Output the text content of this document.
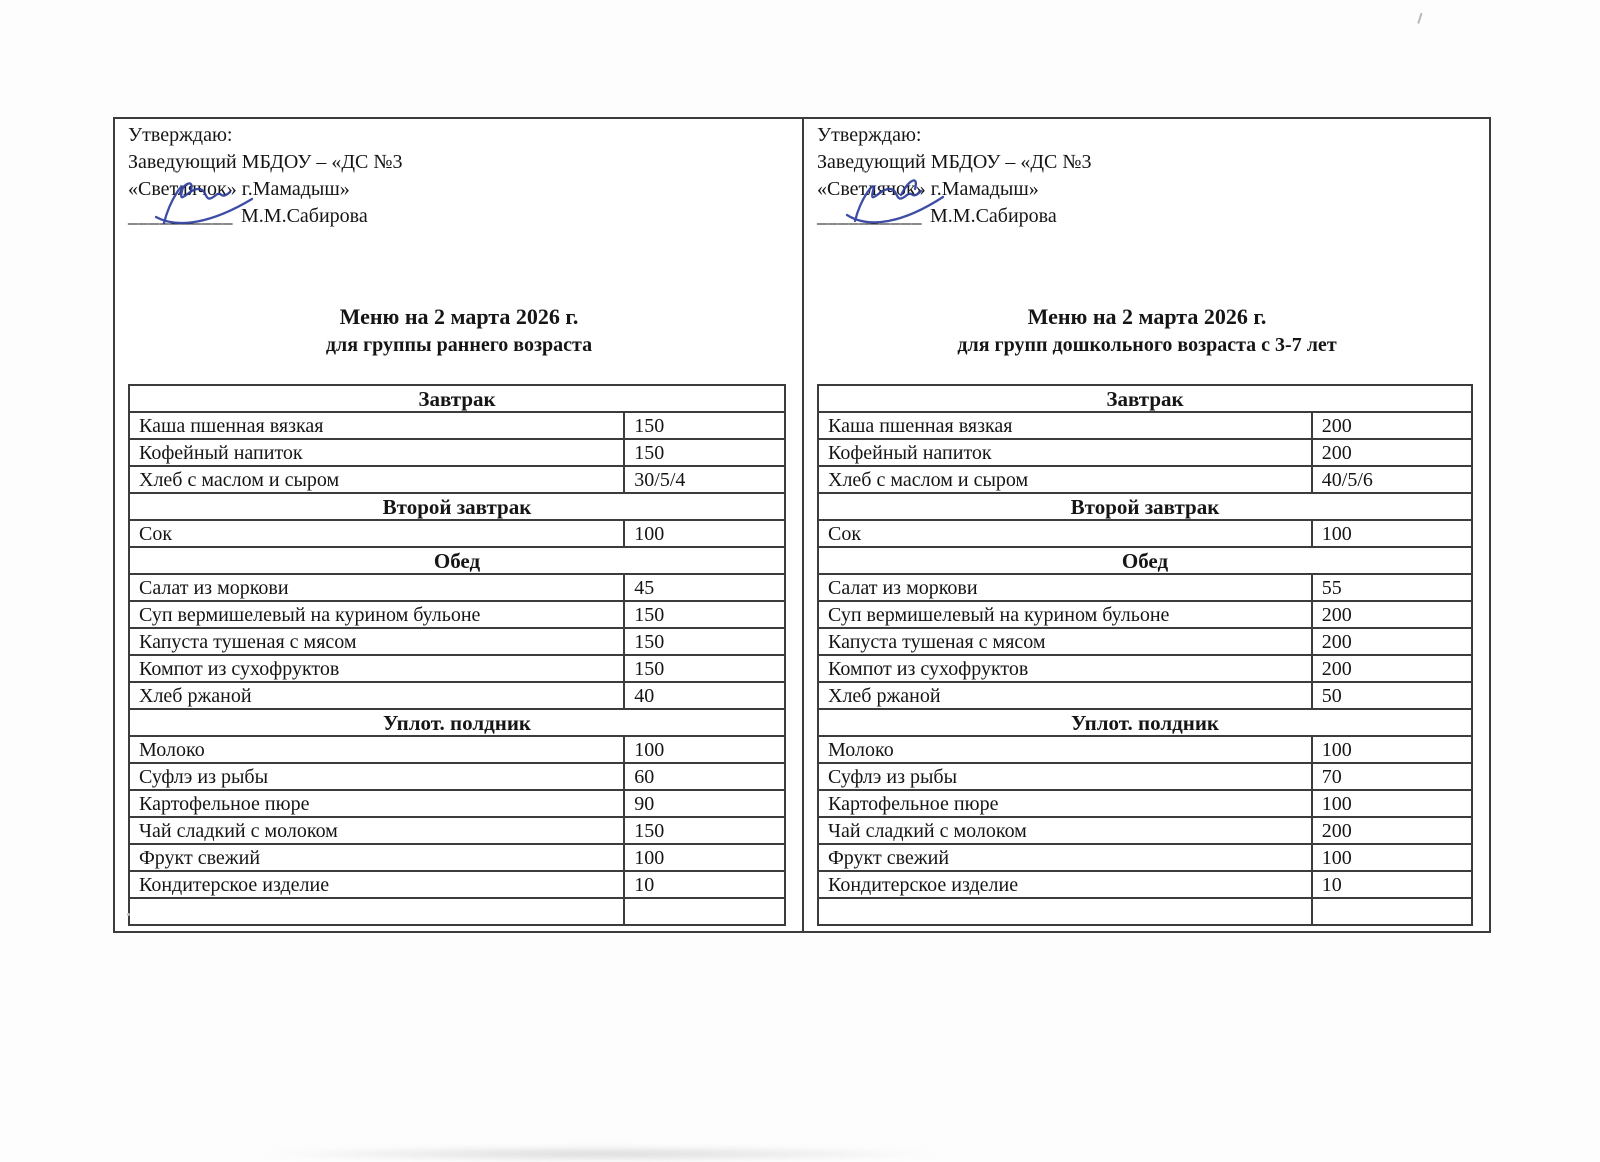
Утверждаю:
Заведующий МБДОУ – «ДС №3
«Светлячок» г.Мамадыш»
__________ М.М.Сабирова
Меню на 2 марта 2026 г.
для группы раннего возраста
Завтрак	
Каша пшенная вязкая	150
Кофейный напиток	150
Хлеб с маслом и сыром	30/5/4
Второй завтрак	
Сок	100
Обед	
Салат из моркови	45
Суп вермишелевый на курином бульоне	150
Капуста тушеная с мясом	150
Компот из сухофруктов	150
Хлеб ржаной	40
Уплот. полдник	
Молоко	100
Суфлэ из рыбы	60
Картофельное пюре	90
Чай сладкий с молоком	150
Фрукт свежий	100
Кондитерское изделие	10

Утверждаю:
Заведующий МБДОУ – «ДС №3
«Светлячок» г.Мамадыш»
__________ М.М.Сабирова
Меню на 2 марта 2026 г.
для групп дошкольного возраста с 3-7 лет
Завтрак	
Каша пшенная вязкая	200
Кофейный напиток	200
Хлеб с маслом и сыром	40/5/6
Второй завтрак	
Сок	100
Обед	
Салат из моркови	55
Суп вермишелевый на курином бульоне	200
Капуста тушеная с мясом	200
Компот из сухофруктов	200
Хлеб ржаной	50
Уплот. полдник	
Молоко	100
Суфлэ из рыбы	70
Картофельное пюре	100
Чай сладкий с молоком	200
Фрукт свежий	100
Кондитерское изделие	10
